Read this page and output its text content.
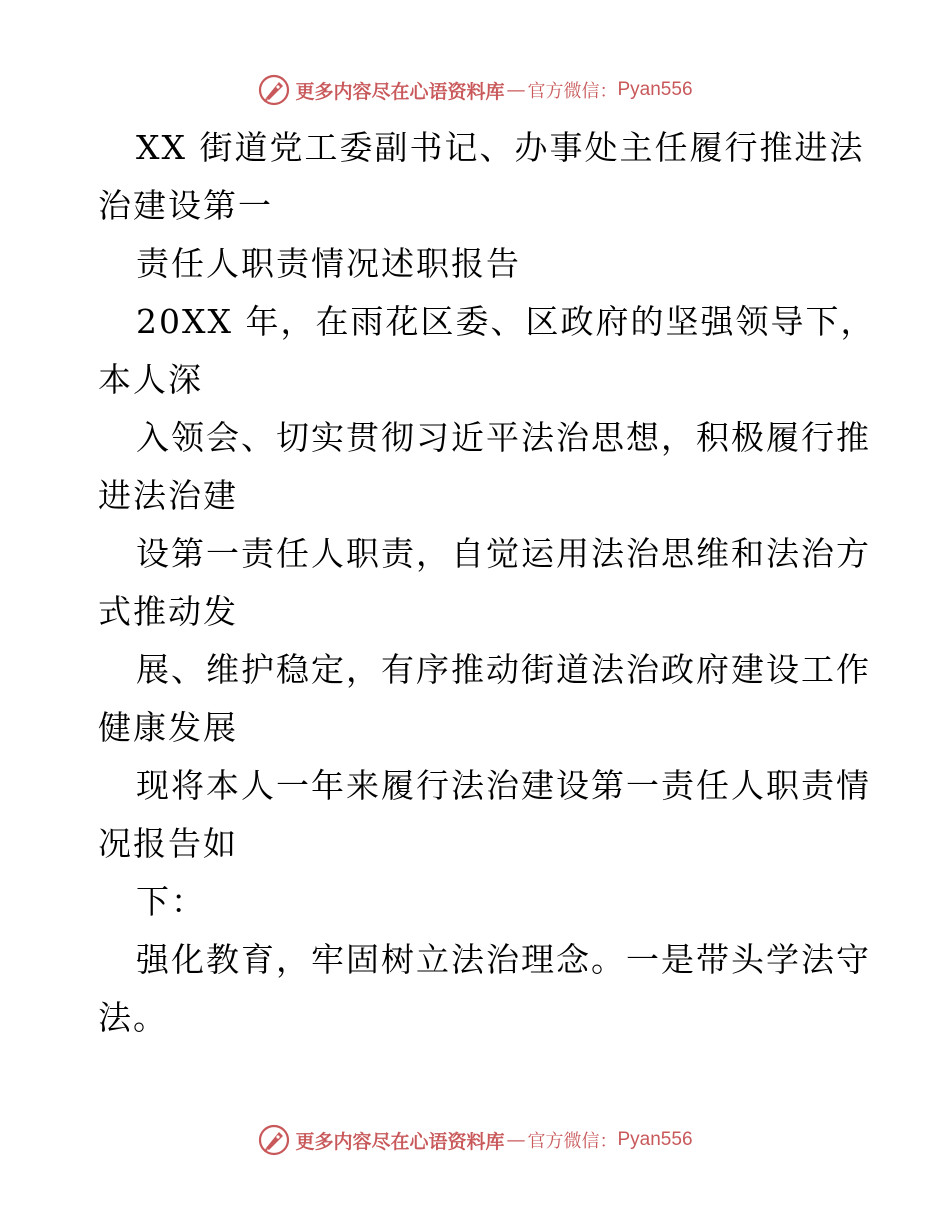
更多内容尽在心语资料库 — 官方微信： Pyan556
XX 街道党工委副书记、办事处主任履行推进法
治建设第一
责任人职责情况述职报告
20XX 年，在雨花区委、区政府的坚强领导下，
本人深
入领会、切实贯彻习近平法治思想，积极履行推
进法治建
设第一责任人职责，自觉运用法治思维和法治方
式推动发
展、维护稳定，有序推动街道法治政府建设工作
健康发展
现将本人一年来履行法治建设第一责任人职责情
况报告如
下：
强化教育，牢固树立法治理念。一是带头学法守
法。
更多内容尽在心语资料库 — 官方微信： Pyan556
